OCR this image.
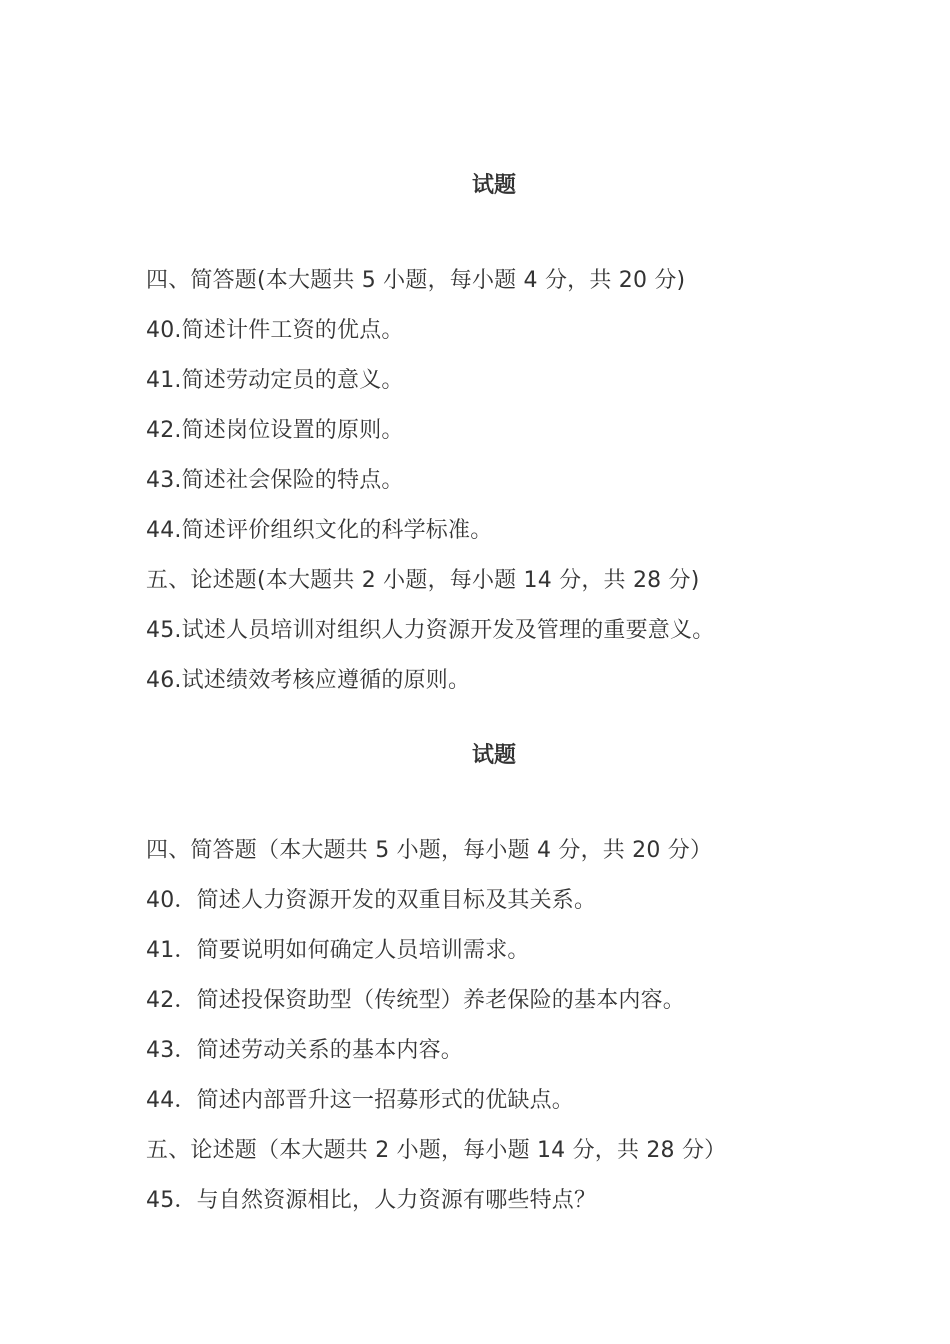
试题
四、简答题(本大题共 5 小题，每小题 4 分，共 20 分)
40.简述计件工资的优点。
41.简述劳动定员的意义。
42.简述岗位设置的原则。
43.简述社会保险的特点。
44.简述评价组织文化的科学标准。
五、论述题(本大题共 2 小题，每小题 14 分，共 28 分)
45.试述人员培训对组织人力资源开发及管理的重要意义。
46.试述绩效考核应遵循的原则。
试题
四、简答题（本大题共 5 小题，每小题 4 分，共 20 分）
40．简述人力资源开发的双重目标及其关系。
41．简要说明如何确定人员培训需求。
42．简述投保资助型（传统型）养老保险的基本内容。
43．简述劳动关系的基本内容。
44．简述内部晋升这一招募形式的优缺点。
五、论述题（本大题共 2 小题，每小题 14 分，共 28 分）
45．与自然资源相比，人力资源有哪些特点？
